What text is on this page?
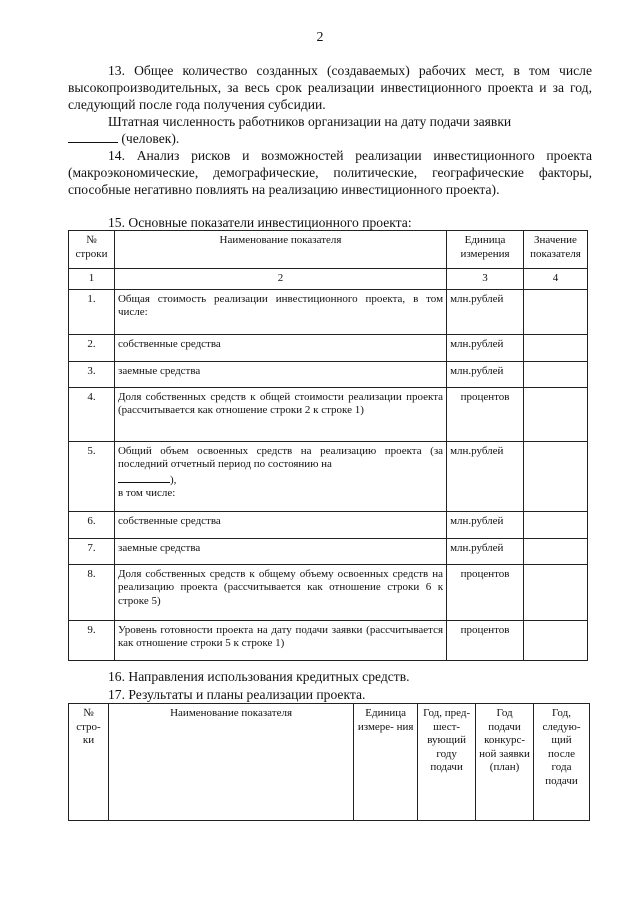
2
13. Общее количество созданных (создаваемых) рабочих мест, в том числе высокопроизводительных, за весь срок реализации инвестиционного проекта и за год, следующий после года получения субсидии.
Штатная численность работников организации на дату подачи заявки
(человек).
14. Анализ рисков и возможностей реализации инвестиционного проекта (макроэкономические, демографические, политические, географические факторы, способные негативно повлиять на реализацию инвестиционного проекта).
15. Основные показатели инвестиционного проекта:
№ строки	Наименование показателя	Единица измерения	Значение показателя
1	2	3	4
1.	Общая стоимость реализации инвестиционного проекта, в том числе:	млн.рублей	
2.	собственные средства	млн.рублей	
3.	заемные средства	млн.рублей	
4.	Доля собственных средств к общей стоимости реализации проекта (рассчитывается как отношение строки 2 к строке 1)	процентов	
5.	Общий объем освоенных средств на реализацию проекта (за последний отчетный период по состоянию на
),
в том числе:	млн.рублей	
6.	собственные средства	млн.рублей	
7.	заемные средства	млн.рублей	
8.	Доля собственных средств к общему объему освоенных средств на реализацию проекта (рассчитывается как отношение строки 6 к строке 5)	процентов	
9.	Уровень готовности проекта на дату подачи заявки (рассчитывается как отношение строки 5 к строке 1)	процентов	
16. Направления использования кредитных средств.
17. Результаты и планы реализации проекта.
№ стро- ки	Наименование показателя	Единица измере- ния	Год, пред- шест- вующий году подачи	Год подачи конкурс- ной заявки (план)	Год, следую- щий после года подачи
